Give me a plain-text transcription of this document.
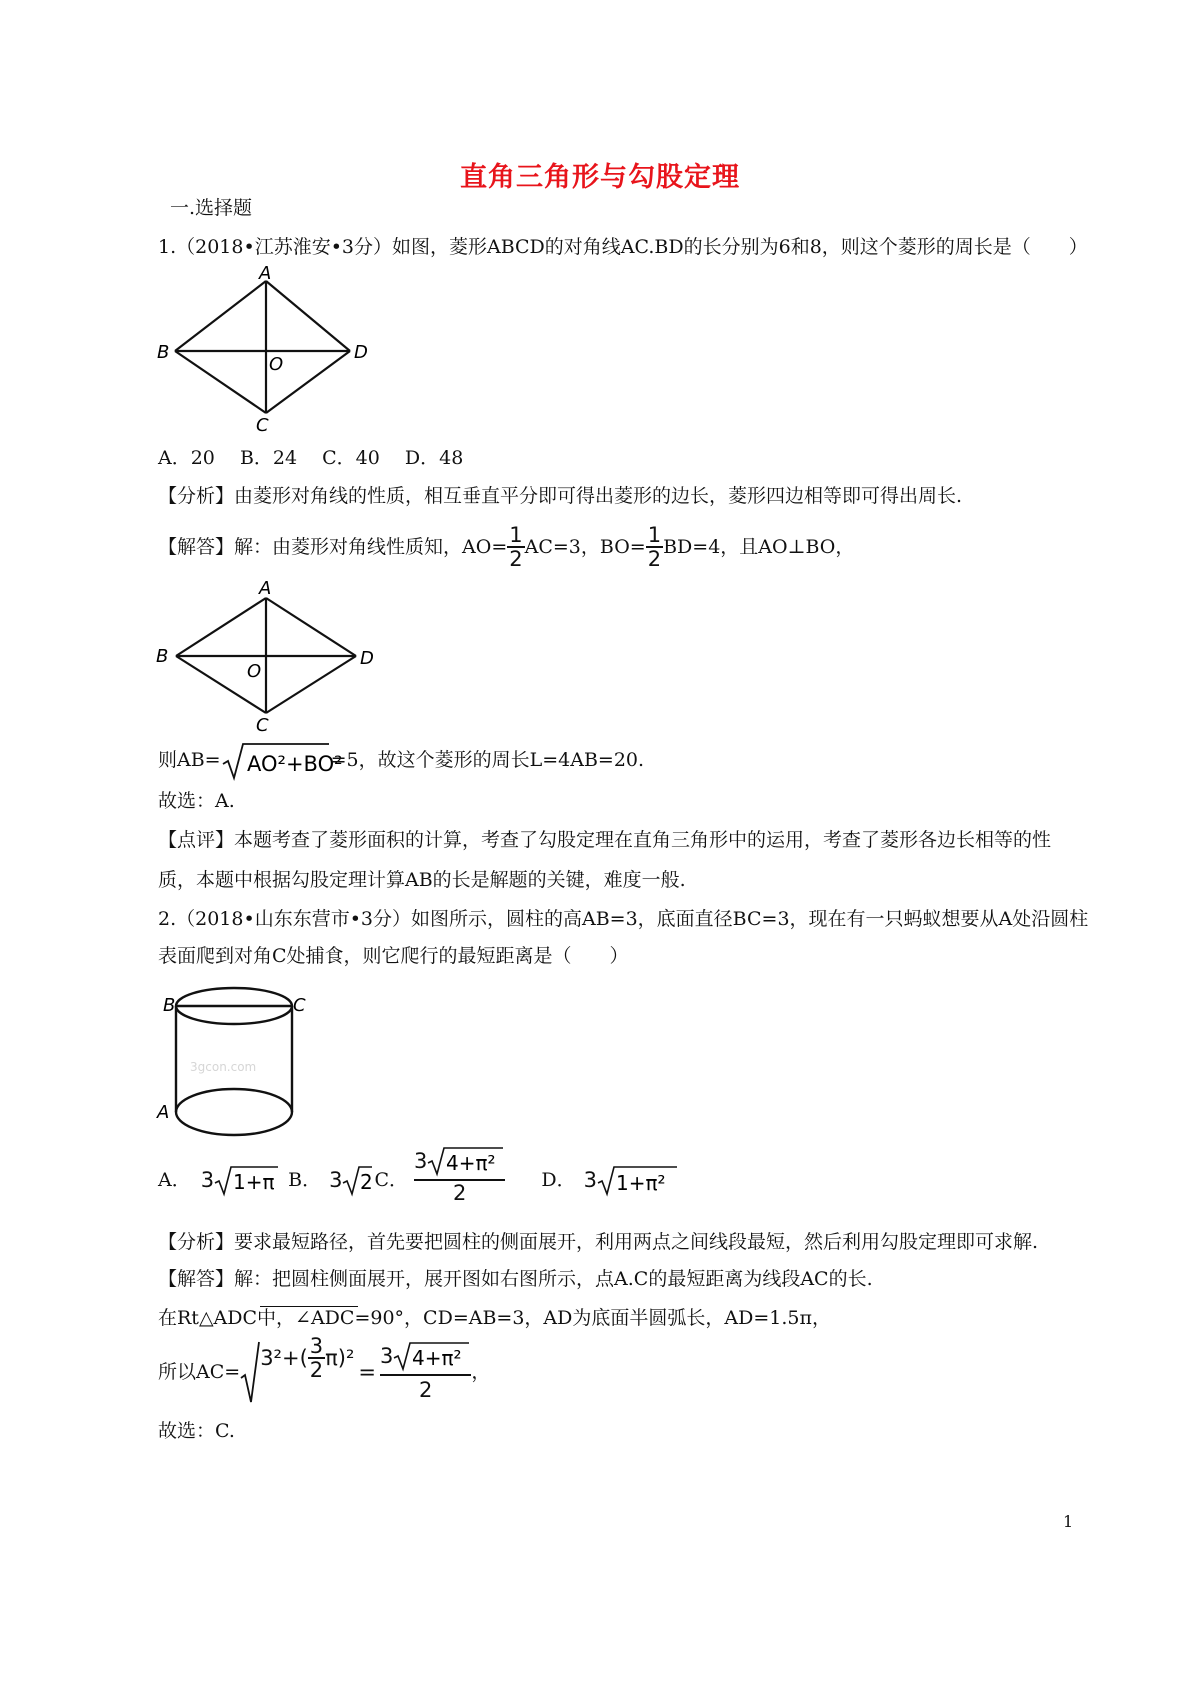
直角三角形与勾股定理
一.选择题
1.（2018•江苏淮安•3分）如图，菱形ABCD的对角线AC.BD的长分别为6和8，则这个菱形的周长是（　　）
A
B	D
C
O
A．20　 B．24　 C．40　 D．48
【分析】由菱形对角线的性质，相互垂直平分即可得出菱形的边长，菱形四边相等即可得出周长.
【解答】 解：由菱形对角线性质知，$AO= \frac{1}{2} AC=3$，$BO= \frac{1}{2} BD=4$，且AO⊥BO，
A
B	D
C
O
则AB= AO²+BO²
=5，故这个菱形的周长L=4AB=20.
故选：A.
【点评】本题考查了菱形面积的计算，考查了勾股定理在直角三角形中的运用，考查了菱形各边长相等的性
质，本题中根据勾股定理计算AB的长是解题的关键，难度一般.
2.（2018•山东东营市•3分）如图所示，圆柱的高AB=3，底面直径BC=3，现在有一只蚂蚁想要从A处沿圆柱
表面爬到对角C处捕食，则它爬行的最短距离是（　　）
3gcon.com
B	C
A
A． 3 1+π B． 3 2 C． $\frac{\text{3 4+π²}}{2}$ D． 3 1+π²
【分析】要求最短路径，首先要把圆柱的侧面展开，利用两点之间线段最短，然后利用勾股定理即可求解.
【解答】解：把圆柱侧面展开，展开图如右图所示，点A.C的最短距离为线段AC的长.
在Rt△ADC中，∠ADC=90°，CD=AB=3，AD为底面半圆弧长，AD=1.5π，
所以AC=
$3^2+( \frac{3}{2} \pi)^2$
= $\frac{\text{3 4+π²}}{2}$ ，
故选：C.
1
